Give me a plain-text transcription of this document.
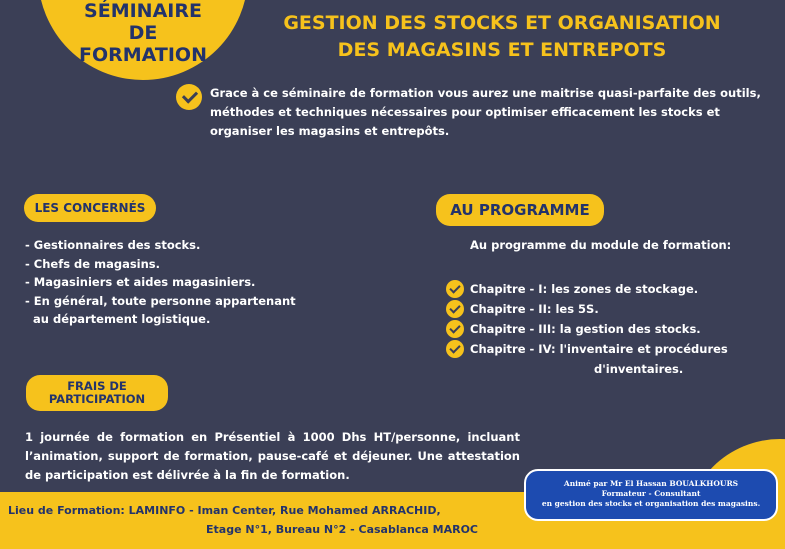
SÉMINAIRE
DE
FORMATION
GESTION DES STOCKS ET ORGANISATION
DES MAGASINS ET ENTREPOTS

Grace à ce séminaire de formation vous aurez une maitrise quasi-parfaite des outils, méthodes et techniques nécessaires pour optimiser efficacement les stocks et organiser les magasins et entrepôts.

LES CONCERNÉS
- Gestionnaires des stocks.
- Chefs de magasins.
- Magasiniers et aides magasiniers.
- En général, toute personne appartenant
au département logistique.
AU PROGRAMME

Au programme du module de formation:

Chapitre - I: les zones de stockage.
Chapitre - II: les 5S.
Chapitre - III: la gestion des stocks.
Chapitre - IV: l'inventaire et procédures
d'inventaires.
FRAIS DE
PARTICIPATION

1 journée de formation en Présentiel à 1000 Dhs HT/personne, incluant l’animation, support de formation, pause-café et déjeuner. Une attestation de participation est délivrée à la fin de formation.

Lieu de Formation: LAMINFO - Iman Center, Rue Mohamed ARRACHID,
Etage N°1, Bureau N°2 - Casablanca MAROC
Animé par Mr El Hassan BOUALKHOURS
Formateur - Consultant
en gestion des stocks et organisation des magasins.
